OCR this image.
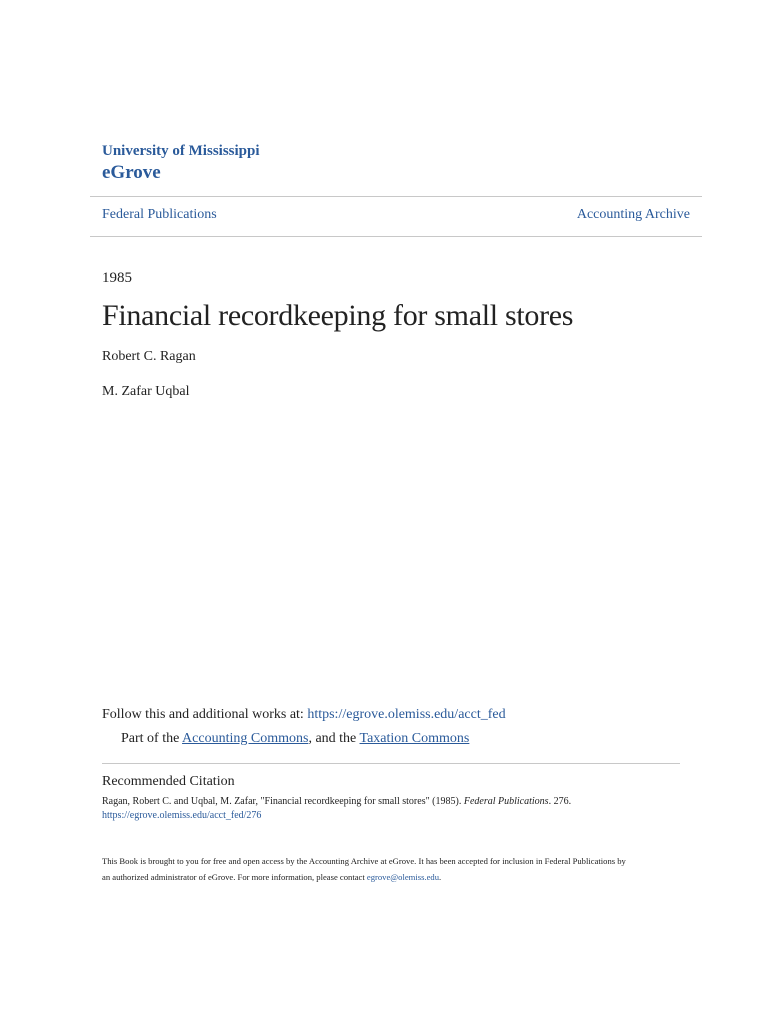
University of Mississippi
eGrove
Federal Publications	Accounting Archive
1985
Financial recordkeeping for small stores
Robert C. Ragan
M. Zafar Uqbal
Follow this and additional works at: https://egrove.olemiss.edu/acct_fed
Part of the Accounting Commons, and the Taxation Commons
Recommended Citation
Ragan, Robert C. and Uqbal, M. Zafar, "Financial recordkeeping for small stores" (1985). Federal Publications. 276.
https://egrove.olemiss.edu/acct_fed/276
This Book is brought to you for free and open access by the Accounting Archive at eGrove. It has been accepted for inclusion in Federal Publications by
an authorized administrator of eGrove. For more information, please contact egrove@olemiss.edu.
